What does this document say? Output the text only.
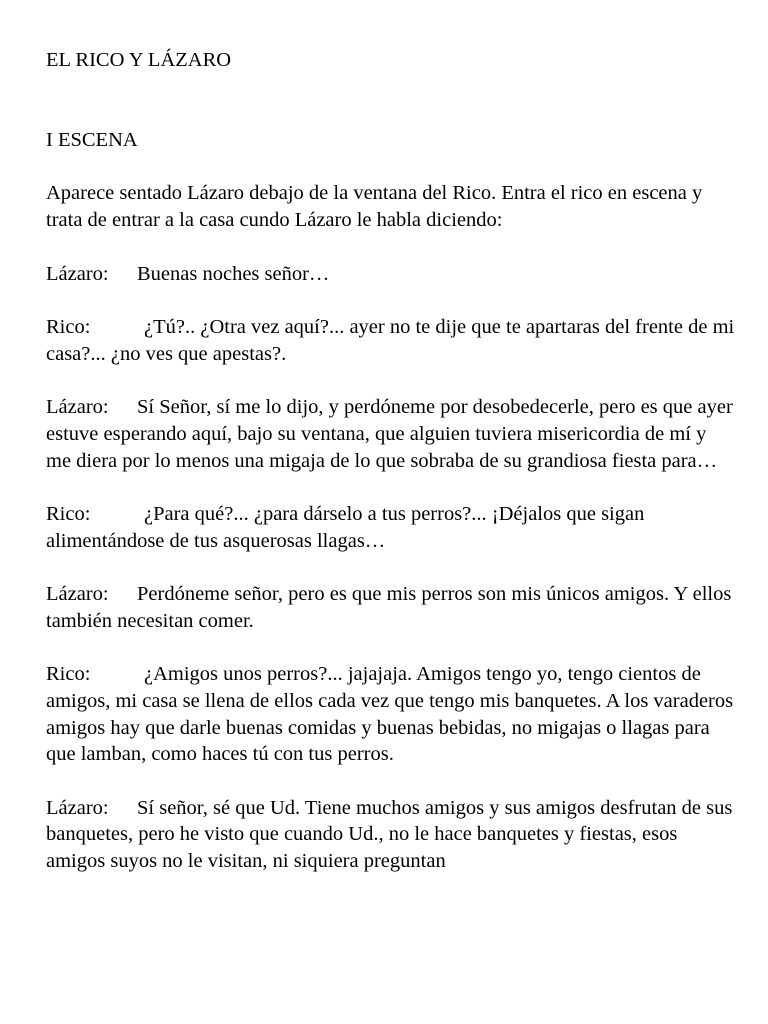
EL RICO Y LÁZARO

I ESCENA

Aparece sentado Lázaro debajo de la ventana del Rico. Entra el rico en escena y trata de entrar a la casa cundo Lázaro le habla diciendo:

Lázaro: Buenas noches señor…

Rico:	¿Tú?.. ¿Otra vez aquí?... ayer no te dije que te apartaras del frente de mi casa?... ¿no ves que apestas?.

Lázaro: Sí Señor, sí me lo dijo, y perdóneme por desobedecerle, pero es que ayer estuve esperando aquí, bajo su ventana, que alguien tuviera misericordia de mí y me diera por lo menos una migaja de lo que sobraba de su grandiosa fiesta para…

Rico:	¿Para qué?... ¿para dárselo a tus perros?... ¡Déjalos que sigan alimentándose de tus asquerosas llagas…

Lázaro: Perdóneme señor, pero es que mis perros son mis únicos amigos. Y ellos también necesitan comer.

Rico:	¿Amigos unos perros?... jajajaja. Amigos tengo yo, tengo cientos de amigos, mi casa se llena de ellos cada vez que tengo mis banquetes. A los varaderos amigos hay que darle buenas comidas y buenas bebidas, no migajas o llagas para que lamban, como haces tú con tus perros.

Lázaro: Sí señor, sé que Ud. Tiene muchos amigos y sus amigos desfrutan de sus banquetes, pero he visto que cuando Ud., no le hace banquetes y fiestas, esos amigos suyos no le visitan, ni siquiera preguntan
